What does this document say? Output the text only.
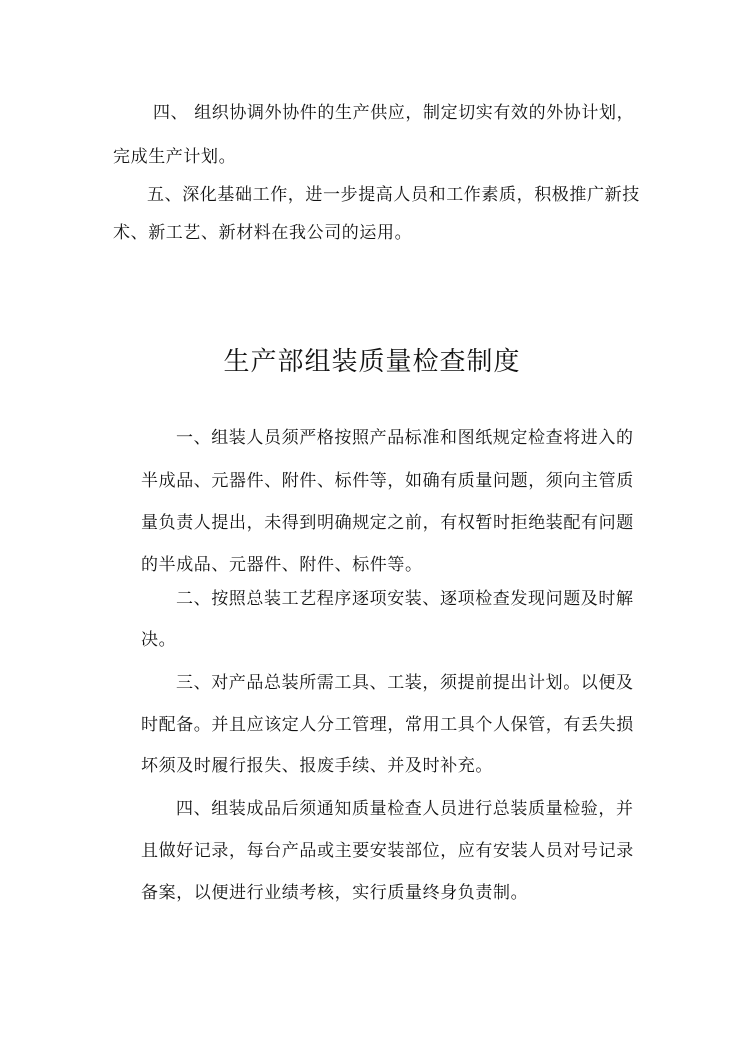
四、 组织协调外协件的生产供应，制定切实有效的外协计划，
完成生产计划。
五、深化基础工作，进一步提高人员和工作素质，积极推广新技
术、新工艺、新材料在我公司的运用。
生产部组装质量检查制度
一、组装人员须严格按照产品标准和图纸规定检查将进入的
半成品、元器件、附件、标件等，如确有质量问题，须向主管质
量负责人提出，未得到明确规定之前，有权暂时拒绝装配有问题
的半成品、元器件、附件、标件等。
二、按照总装工艺程序逐项安装、逐项检查发现问题及时解
决。
三、对产品总装所需工具、工装，须提前提出计划。以便及
时配备。并且应该定人分工管理，常用工具个人保管，有丢失损
坏须及时履行报失、报废手续、并及时补充。
四、组装成品后须通知质量检查人员进行总装质量检验，并
且做好记录，每台产品或主要安装部位，应有安装人员对号记录
备案，以便进行业绩考核，实行质量终身负责制。
